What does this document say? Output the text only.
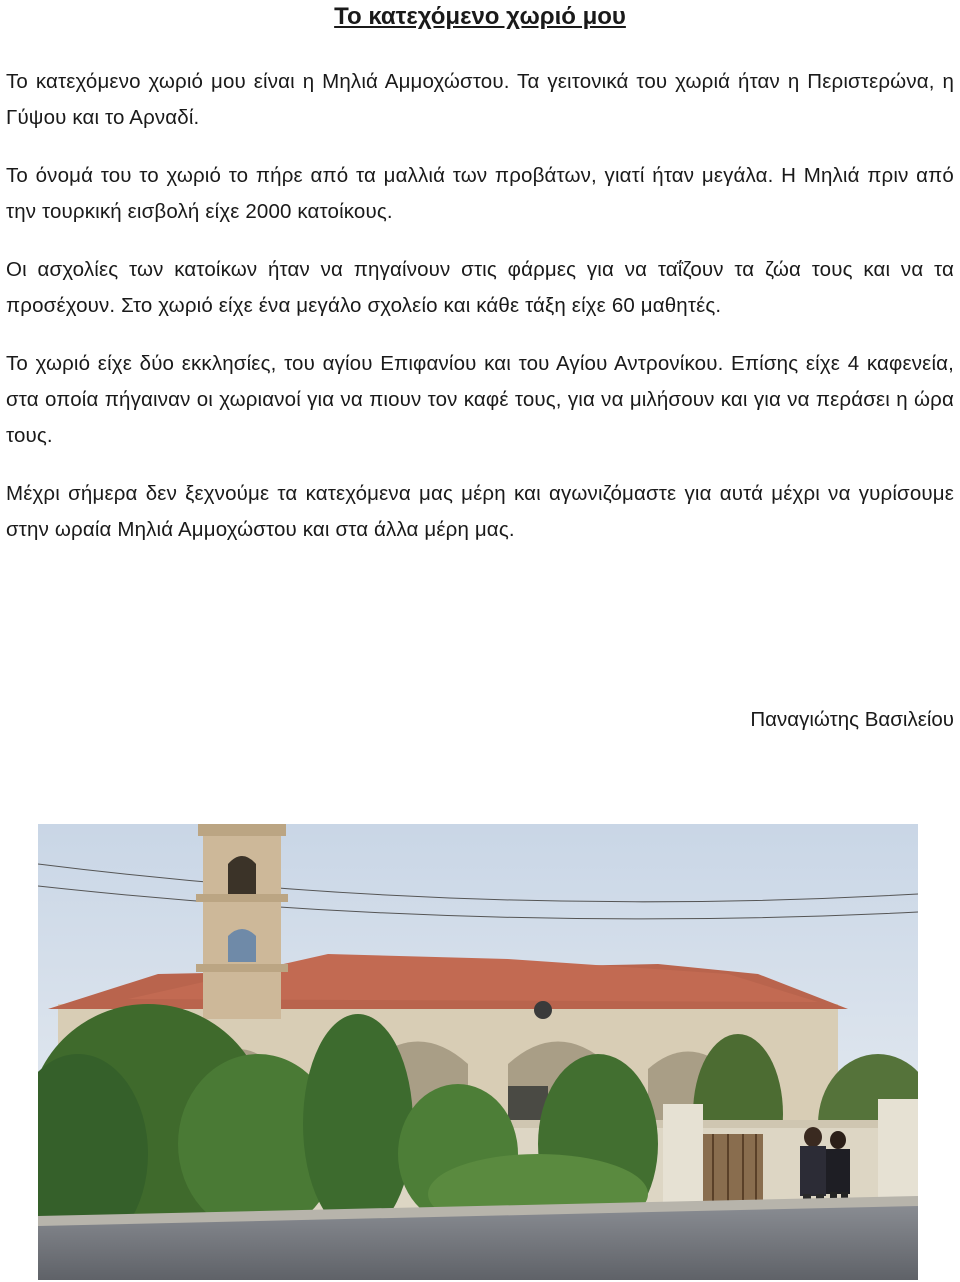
Το κατεχόμενο χωριό μου

Το κατεχόμενο χωριό μου είναι η Μηλιά Αμμοχώστου. Τα γειτονικά του χωριά ήταν η Περιστερώνα, η Γύψου και το Αρναδί.

Το όνομά του το χωριό το πήρε από τα μαλλιά των προβάτων, γιατί ήταν μεγάλα. Η Μηλιά πριν από την τουρκική εισβολή είχε 2000 κατοίκους.

Οι ασχολίες των κατοίκων ήταν να πηγαίνουν στις φάρμες για να ταΐζουν τα ζώα τους και να τα προσέχουν. Στο χωριό είχε ένα μεγάλο σχολείο και κάθε τάξη είχε 60 μαθητές.

Το χωριό είχε δύο εκκλησίες, του αγίου Επιφανίου και του Αγίου Αντρονίκου. Επίσης είχε 4 καφενεία, στα οποία πήγαιναν οι χωριανοί για να πιουν τον καφέ τους, για να μιλήσουν και για να περάσει η ώρα τους.

Μέχρι σήμερα δεν ξεχνούμε τα κατεχόμενα μας μέρη και αγωνιζόμαστε για αυτά μέχρι να γυρίσουμε στην ωραία Μηλιά Αμμοχώστου και στα άλλα μέρη μας.

Παναγιώτης Βασιλείου
